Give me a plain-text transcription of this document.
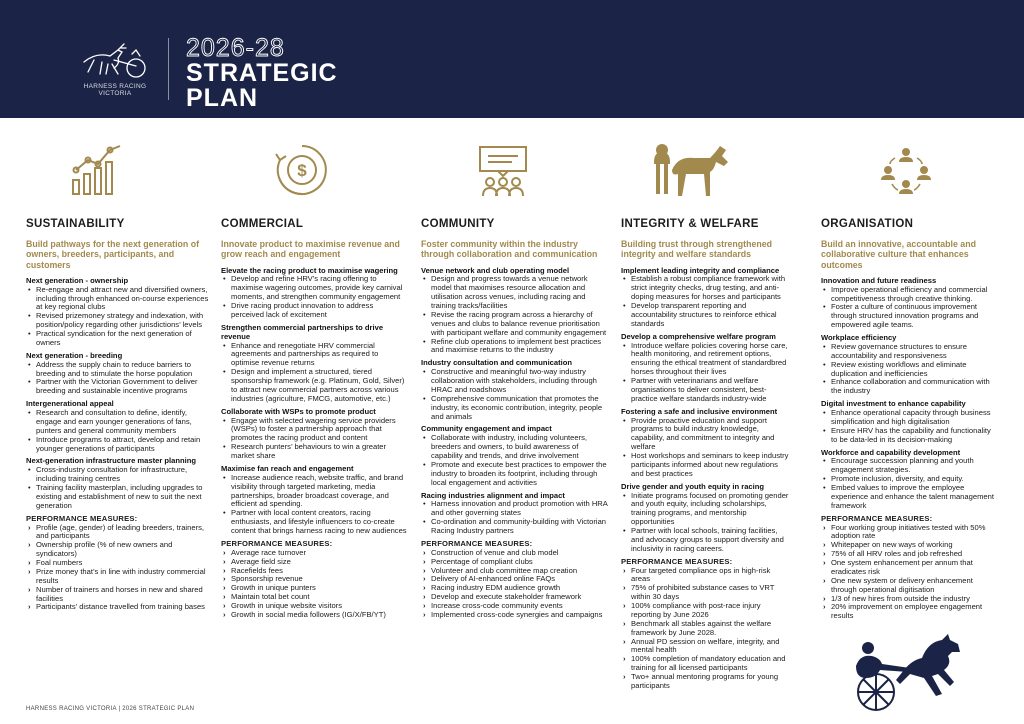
HARNESS RACING VICTORIA
2026-28
STRATEGIC
PLAN
$
SUSTAINABILITY
Build pathways for the next generation of owners, breeders, participants, and customers
Next generation - ownership
• Re-engage and attract new and diversified owners, including through enhanced on-course experiences at key regional clubs
• Revised prizemoney strategy and indexation, with position/policy regarding other jurisdictions’ levels
• Practical syndication for the next generation of owners
Next generation - breeding
• Address the supply chain to reduce barriers to breeding and to stimulate the horse population
• Partner with the Victorian Government to deliver breeding and sustainable incentive programs
Intergenerational appeal
• Research and consultation to define, identify, engage and earn younger generations of fans, punters and general community members
• Introduce programs to attract, develop and retain younger generations of participants
Next-generation infrastructure master planning
• Cross-industry consultation for infrastructure, including training centres
• Training facility masterplan, including upgrades to existing and establishment of new to suit the next generation
PERFORMANCE MEASURES:
› Profile (age, gender) of leading breeders, trainers, and participants
› Ownership profile (% of new owners and syndicators)
› Foal numbers
› Prize money that’s in line with industry commercial results
› Number of trainers and horses in new and shared facilities
› Participants’ distance travelled from training bases
COMMERCIAL
Innovate product to maximise revenue and grow reach and engagement
Elevate the racing product to maximise wagering
• Develop and refine HRV’s racing offering to maximise wagering outcomes, provide key carnival moments, and strengthen community engagement
• Drive racing product innovation to address perceived lack of excitement
Strengthen commercial partnerships to drive revenue
• Enhance and renegotiate HRV commercial agreements and partnerships as required to optimise revenue returns
• Design and implement a structured, tiered sponsorship framework (e.g. Platinum, Gold, Silver) to attract new commercial partners across various industries (agriculture, FMCG, automotive, etc.)
Collaborate with WSPs to promote product
• Engage with selected wagering service providers (WSPs) to foster a partnership approach that promotes the racing product and content
• Research punters’ behaviours to win a greater market share
Maximise fan reach and engagement
• Increase audience reach, website traffic, and brand visibility through targeted marketing, media partnerships, broader broadcast coverage, and efficient ad spending.
• Partner with local content creators, racing enthusiasts, and lifestyle influencers to co-create content that brings harness racing to new audiences
PERFORMANCE MEASURES:
› Average race turnover
› Average field size
› Racefields fees
› Sponsorship revenue
› Growth in unique punters
› Maintain total bet count
› Growth in unique website visitors
› Growth in social media followers (IG/X/FB/YT)
COMMUNITY
Foster community within the industry through collaboration and communication
Venue network and club operating model
• Design and progress towards a venue network model that maximises resource allocation and utilisation across venues, including racing and training tracks/facilities
• Revise the racing program across a hierarchy of venues and clubs to balance revenue prioritisation with participant welfare and community engagement
• Refine club operations to implement best practices and maximise returns to the industry
Industry consultation and communication
• Constructive and meaningful two-way industry collaboration with stakeholders, including through HRAC and roadshows
• Comprehensive communication that promotes the industry, its economic contribution, integrity, people and animals
Community engagement and impact
• Collaborate with industry, including volunteers, breeders and owners, to build awareness of capability and trends, and drive involvement
• Promote and execute best practices to empower the industry to broaden its footprint, including through local engagement and activities
Racing industries alignment and impact
• Harness innovation and product promotion with HRA and other governing states
• Co-ordination and community-building with Victorian Racing Industry partners
PERFORMANCE MEASURES:
› Construction of venue and club model
› Percentage of compliant clubs
› Volunteer and club committee map creation
› Delivery of AI-enhanced online FAQs
› Racing industry EDM audience growth
› Develop and execute stakeholder framework
› Increase cross-code community events
› Implemented cross-code synergies and campaigns
INTEGRITY & WELFARE
Building trust through strengthened integrity and welfare standards
Implement leading integrity and compliance
• Establish a robust compliance framework with strict integrity checks, drug testing, and anti-doping measures for horses and participants
• Develop transparent reporting and accountability structures to reinforce ethical standards
Develop a comprehensive welfare program
• Introduce welfare policies covering horse care, health monitoring, and retirement options, ensuring the ethical treatment of standardbred horses throughout their lives
• Partner with veterinarians and welfare organisations to deliver consistent, best-practice welfare standards industry-wide
Fostering a safe and inclusive environment
• Provide proactive education and support programs to build industry knowledge, capability, and commitment to integrity and welfare
• Host workshops and seminars to keep industry participants informed about new regulations and best practices
Drive gender and youth equity in racing
• Initiate programs focused on promoting gender and youth equity, including scholarships, training programs, and mentorship opportunities
• Partner with local schools, training facilities, and advocacy groups to support diversity and inclusivity in racing careers.
PERFORMANCE MEASURES:
› Four targeted compliance ops in high-risk areas
› 75% of prohibited substance cases to VRT within 30 days
› 100% compliance with post-race injury reporting by June 2026
› Benchmark all stables against the welfare framework by June 2028.
› Annual PD session on welfare, integrity, and mental health
› 100% completion of mandatory education and training for all licensed participants
› Two+ annual mentoring programs for young participants
ORGANISATION
Build an innovative, accountable and collaborative culture that enhances outcomes
Innovation and future readiness
• Improve operational efficiency and commercial competitiveness through creative thinking.
• Foster a culture of continuous improvement through structured innovation programs and empowered agile teams.
Workplace efficiency
• Review governance structures to ensure accountability and responsiveness
• Review existing workflows and eliminate duplication and inefficiencies
• Enhance collaboration and communication with the industry
Digital investment to enhance capability
• Enhance operational capacity through business simplification and high digitalisation
• Ensure HRV has the capability and functionality to be data-led in its decision-making
Workforce and capability development
• Encourage succession planning and youth engagement strategies.
• Promote inclusion, diversity, and equity.
• Embed values to improve the employee experience and enhance the talent management framework
PERFORMANCE MEASURES:
› Four working group initiatives tested with 50% adoption rate
› Whitepaper on new ways of working
› 75% of all HRV roles and job refreshed
› One system enhancement per annum that eradicates risk
› One new system or delivery enhancement through operational digitisation
› 1/3 of new hires from outside the industry
› 20% improvement on employee engagement results
HARNESS RACING VICTORIA | 2026 STRATEGIC PLAN
